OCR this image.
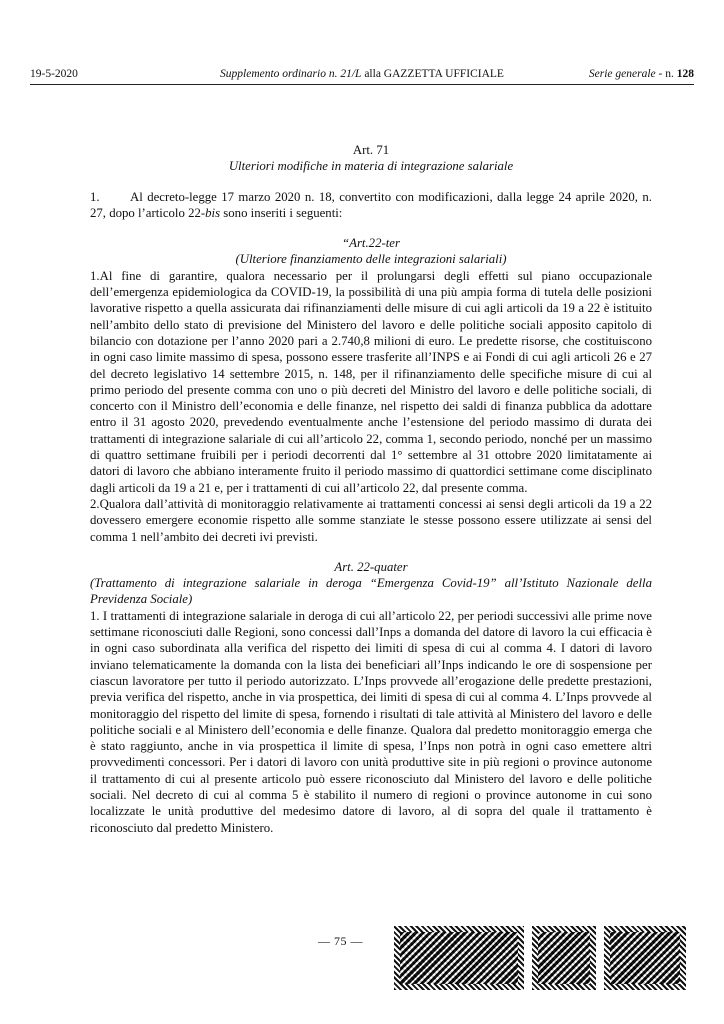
19-5-2020	Supplemento ordinario n. 21/L alla GAZZETTA UFFICIALE	Serie generale - n. 128

Art. 71

Ulteriori modifiche in materia di integrazione salariale

1. Al decreto-legge 17 marzo 2020 n. 18, convertito con modificazioni, dalla legge 24 aprile 2020, n. 27, dopo l’articolo 22-bis sono inseriti i seguenti:

“Art.22-ter

(Ulteriore finanziamento delle integrazioni salariali)

1.Al fine di garantire, qualora necessario per il prolungarsi degli effetti sul piano occupazionale dell’emergenza epidemiologica da COVID-19, la possibilità di una più ampia forma di tutela delle posizioni lavorative rispetto a quella assicurata dai rifinanziamenti delle misure di cui agli articoli da 19 a 22 è istituito nell’ambito dello stato di previsione del Ministero del lavoro e delle politiche sociali apposito capitolo di bilancio con dotazione per l’anno 2020 pari a 2.740,8 milioni di euro. Le predette risorse, che costituiscono in ogni caso limite massimo di spesa, possono essere trasferite all’INPS e ai Fondi di cui agli articoli 26 e 27 del decreto legislativo 14 settembre 2015, n. 148, per il rifinanziamento delle specifiche misure di cui al primo periodo del presente comma con uno o più decreti del Ministro del lavoro e delle politiche sociali, di concerto con il Ministro dell’economia e delle finanze, nel rispetto dei saldi di finanza pubblica da adottare entro il 31 agosto 2020, prevedendo eventualmente anche l’estensione del periodo massimo di durata dei trattamenti di integrazione salariale di cui all’articolo 22, comma 1, secondo periodo, nonché per un massimo di quattro settimane fruibili per i periodi decorrenti dal 1° settembre al 31 ottobre 2020 limitatamente ai datori di lavoro che abbiano interamente fruito il periodo massimo di quattordici settimane come disciplinato dagli articoli da 19 a 21 e, per i trattamenti di cui all’articolo 22, dal presente comma.

2.Qualora dall’attività di monitoraggio relativamente ai trattamenti concessi ai sensi degli articoli da 19 a 22 dovessero emergere economie rispetto alle somme stanziate le stesse possono essere utilizzate ai sensi del comma 1 nell’ambito dei decreti ivi previsti.

Art. 22-quater

(Trattamento di integrazione salariale in deroga “Emergenza Covid-19” all’Istituto Nazionale della Previdenza Sociale)

1. I trattamenti di integrazione salariale in deroga di cui all’articolo 22, per periodi successivi alle prime nove settimane riconosciuti dalle Regioni, sono concessi dall’Inps a domanda del datore di lavoro la cui efficacia è in ogni caso subordinata alla verifica del rispetto dei limiti di spesa di cui al comma 4. I datori di lavoro inviano telematicamente la domanda con la lista dei beneficiari all’Inps indicando le ore di sospensione per ciascun lavoratore per tutto il periodo autorizzato. L’Inps provvede all’erogazione delle predette prestazioni, previa verifica del rispetto, anche in via prospettica, dei limiti di spesa di cui al comma 4. L’Inps provvede al monitoraggio del rispetto del limite di spesa, fornendo i risultati di tale attività al Ministero del lavoro e delle politiche sociali e al Ministero dell’economia e delle finanze. Qualora dal predetto monitoraggio emerga che è stato raggiunto, anche in via prospettica il limite di spesa, l’Inps non potrà in ogni caso emettere altri provvedimenti concessori. Per i datori di lavoro con unità produttive site in più regioni o province autonome il trattamento di cui al presente articolo può essere riconosciuto dal Ministero del lavoro e delle politiche sociali. Nel decreto di cui al comma 5 è stabilito il numero di regioni o province autonome in cui sono localizzate le unità produttive del medesimo datore di lavoro, al di sopra del quale il trattamento è riconosciuto dal predetto Ministero.

— 75 —
